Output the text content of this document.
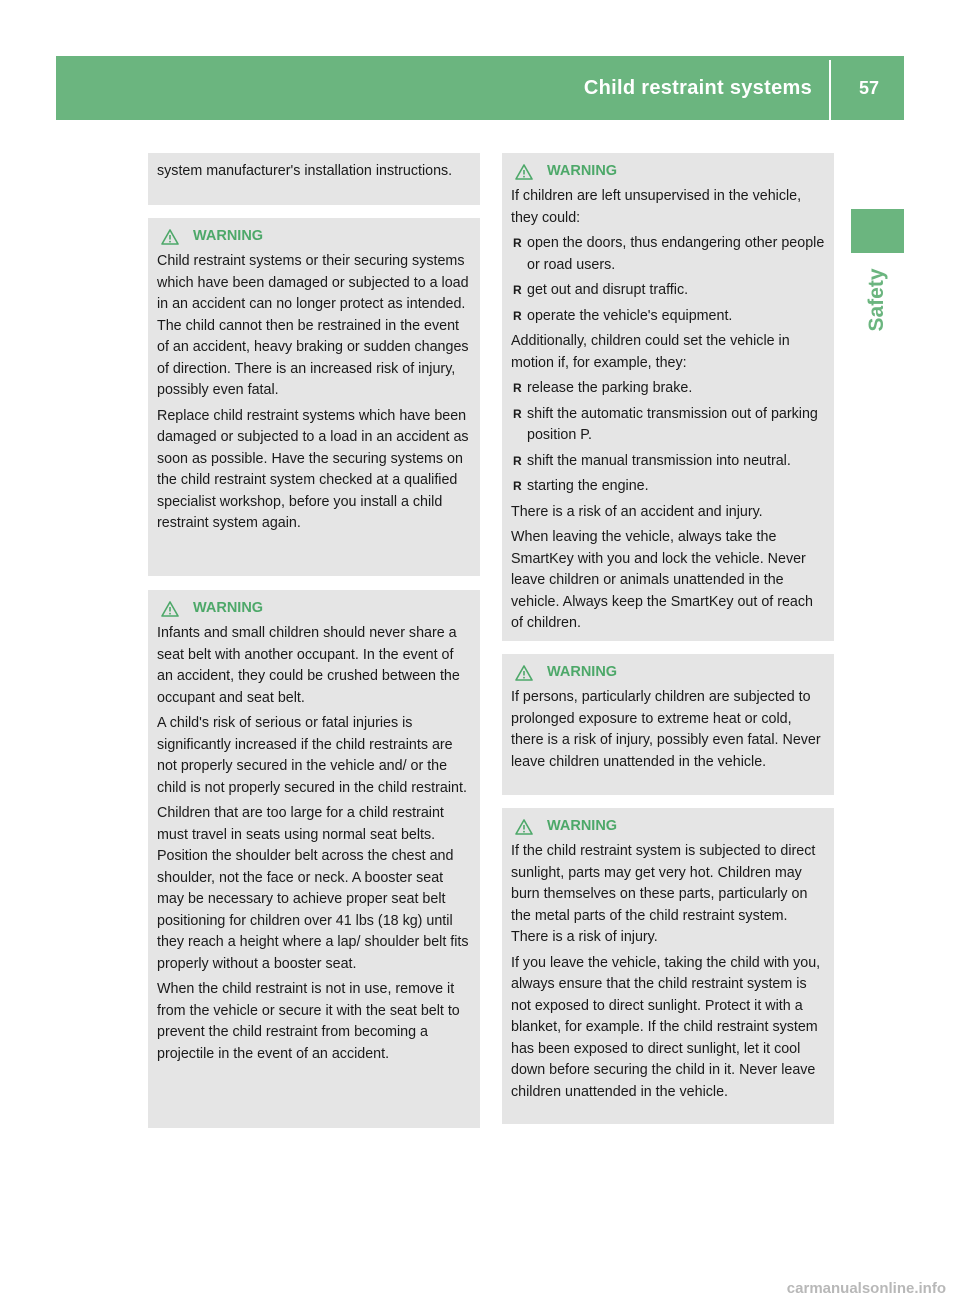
Child restraint systems	57
Safety

system manufacturer's installation instructions.

WARNING

Child restraint systems or their securing systems which have been damaged or subjected to a load in an accident can no longer protect as intended. The child cannot then be restrained in the event of an accident, heavy braking or sudden changes of direction. There is an increased risk of injury, possibly even fatal.

Replace child restraint systems which have been damaged or subjected to a load in an accident as soon as possible. Have the securing systems on the child restraint system checked at a qualified specialist workshop, before you install a child restraint system again.

WARNING

Infants and small children should never share a seat belt with another occupant. In the event of an accident, they could be crushed between the occupant and seat belt.

A child's risk of serious or fatal injuries is significantly increased if the child restraints are not properly secured in the vehicle and/ or the child is not properly secured in the child restraint.

Children that are too large for a child restraint must travel in seats using normal seat belts. Position the shoulder belt across the chest and shoulder, not the face or neck. A booster seat may be necessary to achieve proper seat belt positioning for children over 41 lbs (18 kg) until they reach a height where a lap/ shoulder belt fits properly without a booster seat.

When the child restraint is not in use, remove it from the vehicle or secure it with the seat belt to prevent the child restraint from becoming a projectile in the event of an accident.

WARNING

If children are left unsupervised in the vehicle, they could:

R open the doors, thus endangering other people or road users.
R get out and disrupt traffic.
R operate the vehicle's equipment.

Additionally, children could set the vehicle in motion if, for example, they:

R release the parking brake.
R shift the automatic transmission out of parking position P.
R shift the manual transmission into neutral.
R starting the engine.

There is a risk of an accident and injury.

When leaving the vehicle, always take the SmartKey with you and lock the vehicle. Never leave children or animals unattended in the vehicle. Always keep the SmartKey out of reach of children.

WARNING

If persons, particularly children are subjected to prolonged exposure to extreme heat or cold, there is a risk of injury, possibly even fatal. Never leave children unattended in the vehicle.

WARNING

If the child restraint system is subjected to direct sunlight, parts may get very hot. Children may burn themselves on these parts, particularly on the metal parts of the child restraint system. There is a risk of injury.

If you leave the vehicle, taking the child with you, always ensure that the child restraint system is not exposed to direct sunlight. Protect it with a blanket, for example. If the child restraint system has been exposed to direct sunlight, let it cool down before securing the child in it. Never leave children unattended in the vehicle.

carmanualsonline.info
